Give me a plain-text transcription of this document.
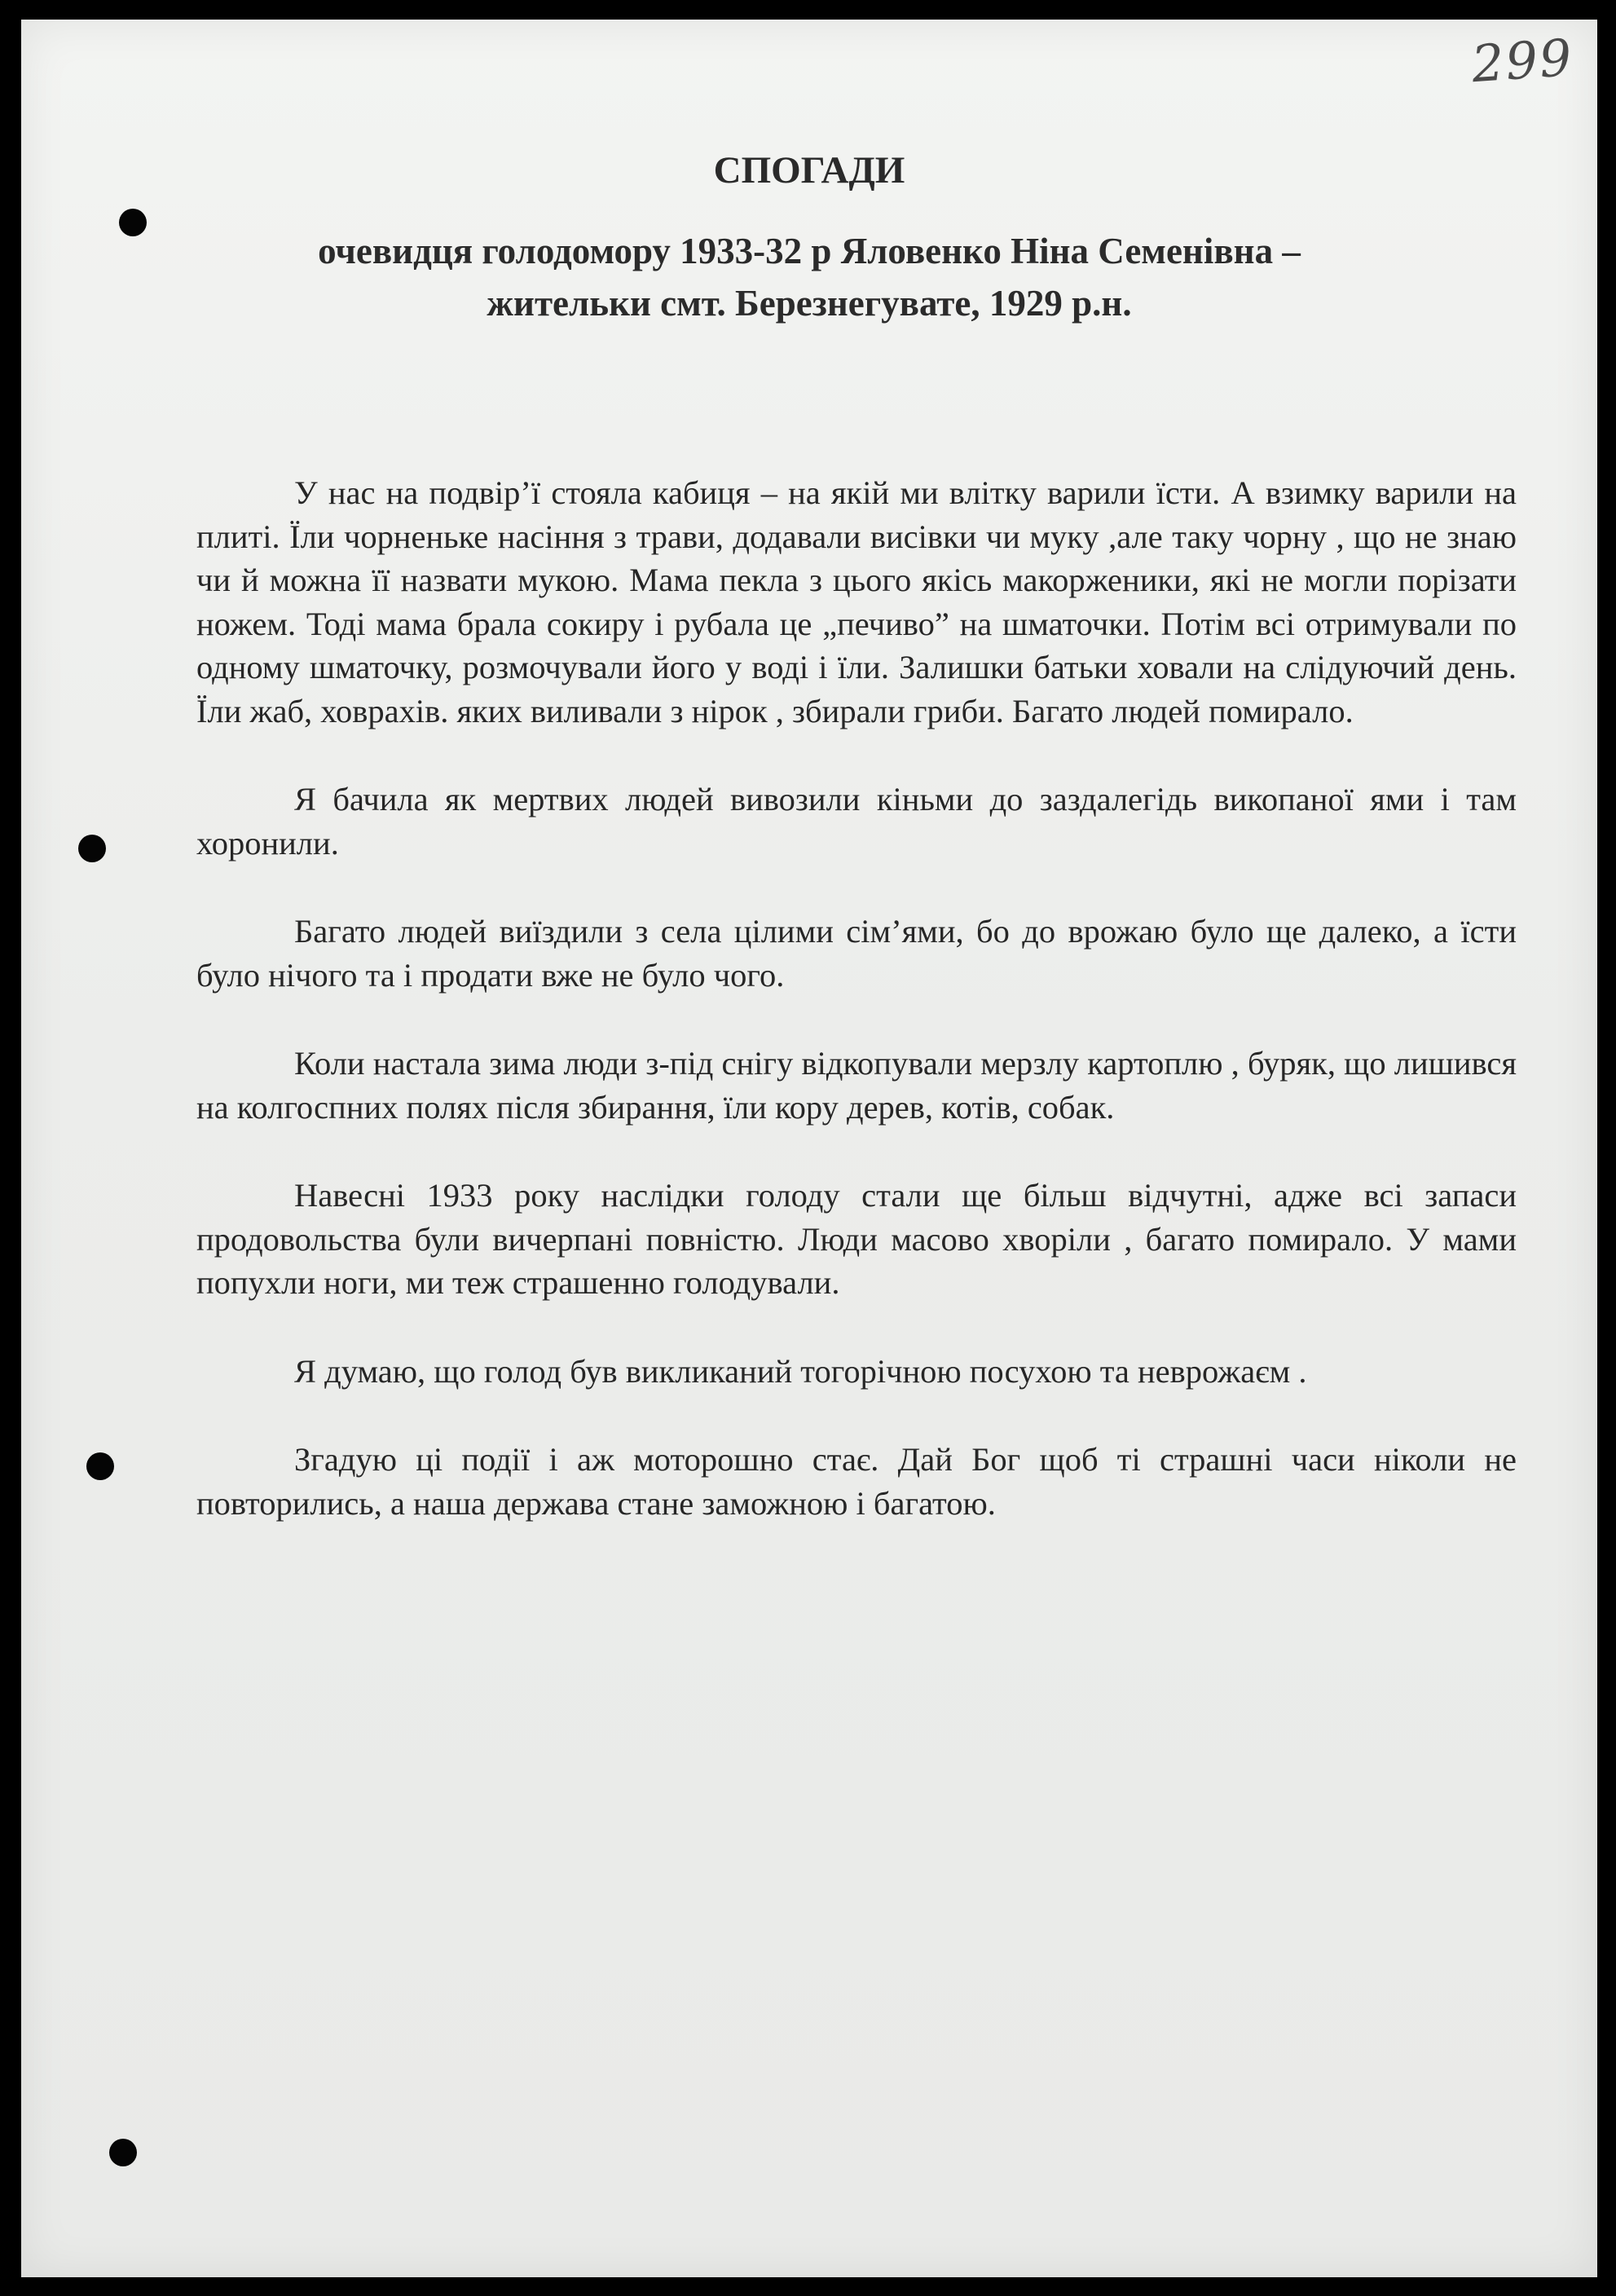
299
СПОГАДИ
очевидця голодомору 1933-32 р Яловенко Ніна Семенівна –
жительки смт. Березнегувате, 1929 р.н.

У нас на подвір’ї стояла кабиця – на якій ми влітку варили їсти. А взимку варили на плиті. Їли чорненьке насіння з трави, додавали висівки чи муку ,але таку чорну , що не знаю чи й можна її назвати мукою. Мама пекла з цього якісь макорженики, які не могли порізати ножем. Тоді мама брала сокиру і рубала це „печиво” на шматочки. Потім всі отримували по одному шматочку, розмочували його у воді і їли. Залишки батьки ховали на слідуючий день. Їли жаб, ховрахів. яких виливали з нірок , збирали гриби. Багато людей помирало.

Я бачила як мертвих людей вивозили кіньми до заздалегідь викопаної ями і там хоронили.

Багато людей виїздили з села цілими сім’ями, бо до врожаю було ще далеко, а їсти було нічого та і продати вже не було чого.

Коли настала зима люди з-під снігу відкопували мерзлу картоплю , буряк, що лишився на колгоспних полях після збирання, їли кору дерев, котів, собак.

Навесні 1933 року наслідки голоду стали ще більш відчутні, адже всі запаси продовольства були вичерпані повністю. Люди масово хворіли , багато помирало. У мами попухли ноги, ми теж страшенно голодували.

Я думаю, що голод був викликаний тогорічною посухою та неврожаєм .

Згадую ці події і аж моторошно стає. Дай Бог щоб ті страшні часи ніколи не повторились, а наша держава стане заможною і багатою.
